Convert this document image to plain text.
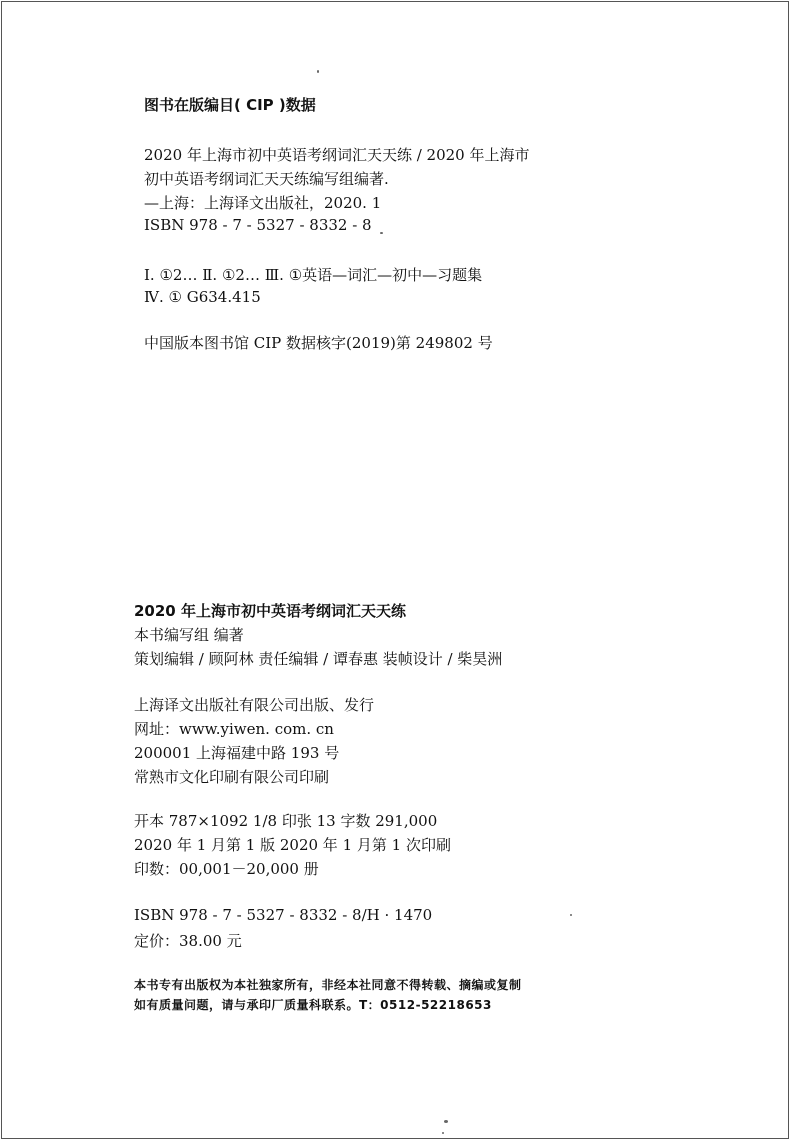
图书在版编目( CIP )数据
2020 年上海市初中英语考纲词汇天天练 / 2020 年上海市
初中英语考纲词汇天天练编写组编著.
—上海：上海译文出版社，2020. 1
ISBN 978 - 7 - 5327 - 8332 - 8
Ⅰ. ①2… Ⅱ. ①2… Ⅲ. ①英语—词汇—初中—习题集
Ⅳ. ① G634.415
中国版本图书馆 CIP 数据核字(2019)第 249802 号
2020 年上海市初中英语考纲词汇天天练
本书编写组 编著
策划编辑 / 顾阿林 责任编辑 / 谭春惠 装帧设计 / 柴昊洲
上海译文出版社有限公司出版、发行
网址：www.yiwen. com. cn
200001 上海福建中路 193 号
常熟市文化印刷有限公司印刷
开本 787×1092 1/8 印张 13 字数 291,000
2020 年 1 月第 1 版 2020 年 1 月第 1 次印刷
印数：00,001－20,000 册
ISBN 978 - 7 - 5327 - 8332 - 8/H · 1470
定价：38.00 元
本书专有出版权为本社独家所有，非经本社同意不得转载、摘编或复制
如有质量问题，请与承印厂质量科联系。T：0512-52218653
